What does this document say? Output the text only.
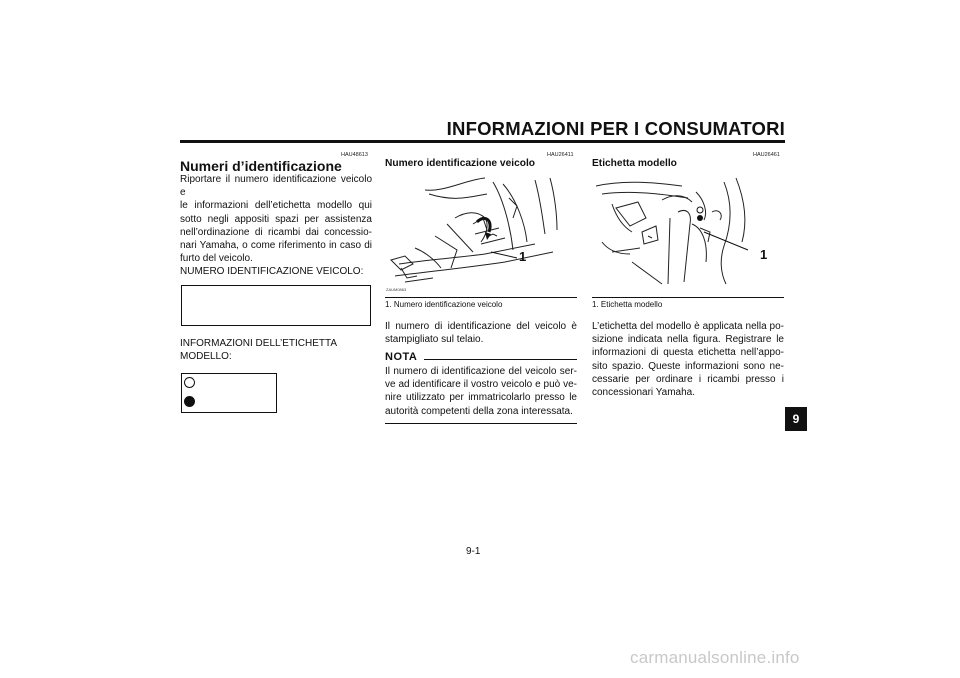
INFORMAZIONI PER I CONSUMATORI
HAU48613
Numeri d’identificazione
Riportare il numero identificazione veicolo e
le informazioni dell’etichetta modello qui
sotto negli appositi spazi per assistenza
nell’ordinazione di ricambi dai concessio-
nari Yamaha, o come riferimento in caso di
furto del veicolo.
NUMERO IDENTIFICAZIONE VEICOLO:
INFORMAZIONI DELL’ETICHETTA
MODELLO:
HAU26411
Numero identificazione veicolo
1
ZAUM0863
1. Numero identificazione veicolo
Il numero di identificazione del veicolo è
stampigliato sul telaio.
NOTA
Il numero di identificazione del veicolo ser-
ve ad identificare il vostro veicolo e può ve-
nire utilizzato per immatricolarlo presso le
autorità competenti della zona interessata.
HAU26461
Etichetta modello
1
1. Etichetta modello
L’etichetta del modello è applicata nella po-
sizione indicata nella figura. Registrare le
informazioni di questa etichetta nell’appo-
sito spazio. Queste informazioni sono ne-
cessarie per ordinare i ricambi presso i
concessionari Yamaha.
9
9-1
carmanualsonline.info
